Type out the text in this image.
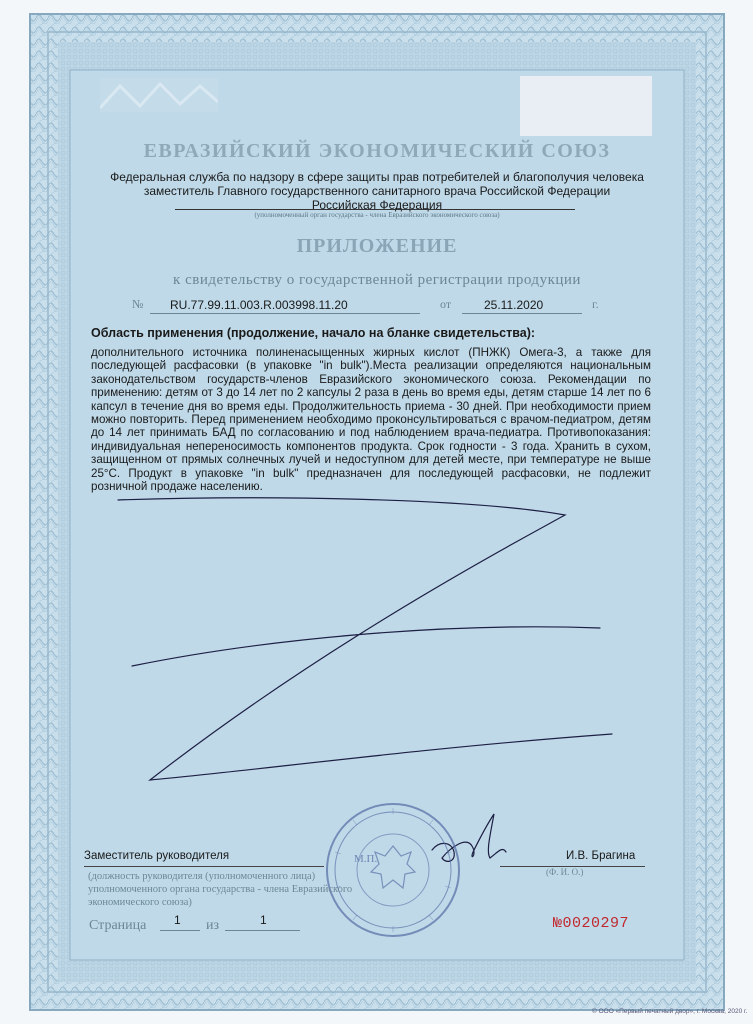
ЕВРАЗИЙСКИЙ ЭКОНОМИЧЕСКИЙ СОЮЗ
Федеральная служба по надзору в сфере защиты прав потребителей и благополучия человека
заместитель Главного государственного санитарного врача Российской Федерации
Российская Федерация
(уполномоченный орган государства - члена Евразийского экономического союза)
ПРИЛОЖЕНИЕ
к свидетельству о государственной регистрации продукции
№ RU.77.99.11.003.R.003998.11.20	от	25.11.2020	г.
Область применения (продолжение, начало на бланке свидетельства):
дополнительного источника полиненасыщенных жирных кислот (ПНЖК) Омега-3, а также для последующей расфасовки (в упаковке "in bulk").Места реализации определяются национальным законодательством государств-членов Евразийского экономического союза. Рекомендации по применению: детям от 3 до 14 лет по 2 капсулы 2 раза в день во время еды, детям старше 14 лет по 6 капсул в течение дня во время еды. Продолжительность приема - 30 дней. При необходимости прием можно повторить. Перед применением необходимо проконсультироваться с врачом-педиатром, детям до 14 лет принимать БАД по согласованию и под наблюдением врача-педиатра. Противопоказания: индивидуальная непереносимость компонентов продукта. Срок годности - 3 года. Хранить в сухом, защищенном от прямых солнечных лучей и недоступном для детей месте, при температуре не выше 25°С. Продукт в упаковке "in bulk" предназначен для последующей расфасовки, не подлежит розничной продаже населению.
М.П.
Заместитель руководителя	И.В. Брагина
(Ф. И. О.)
(должность руководителя (уполномоченного лица) уполномоченного органа государства - члена Евразийского экономического союза)
Страница 1 из	1	№0020297
© ООО «Первый печатный двор», г. Москва, 2020 г.
